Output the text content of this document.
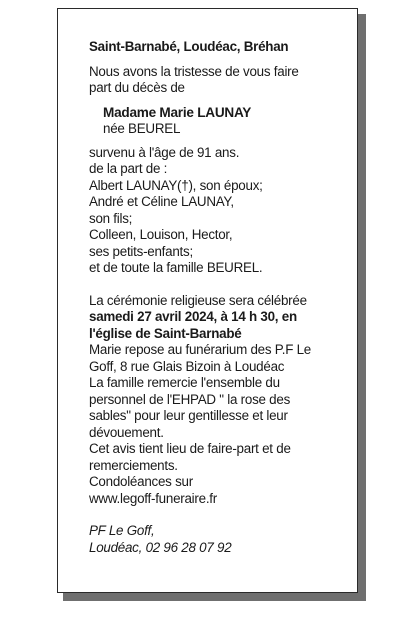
Saint-Barnabé, Loudéac, Bréhan
Nous avons la tristesse de vous faire
part du décès de
Madame Marie LAUNAY
née BEUREL
survenu à l'âge de 91 ans.
de la part de :
Albert LAUNAY(†), son époux;
André et Céline LAUNAY,
son fils;
Colleen, Louison, Hector,
ses petits-enfants;
et de toute la famille BEUREL.
La cérémonie religieuse sera célébrée
samedi 27 avril 2024, à 14 h 30, en
l'église de Saint-Barnabé
Marie repose au funérarium des P.F Le
Goff, 8 rue Glais Bizoin à Loudéac
La famille remercie l'ensemble du
personnel de l'EHPAD " la rose des
sables" pour leur gentillesse et leur
dévouement.
Cet avis tient lieu de faire-part et de
remerciements.
Condoléances sur
www.legoff-funeraire.fr
PF Le Goff,
Loudéac, 02 96 28 07 92
